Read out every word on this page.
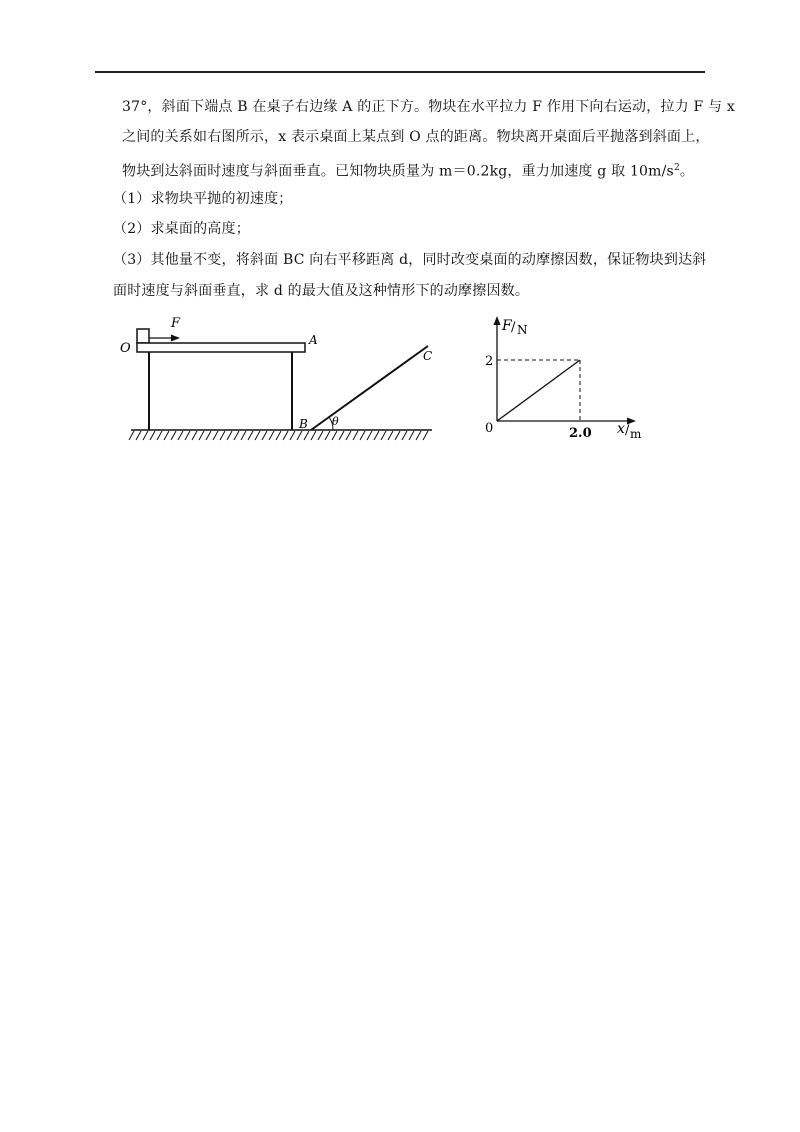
37°，斜面下端点 B 在桌子右边缘 A 的正下方。物块在水平拉力 F 作用下向右运动，拉力 F 与 x
之间的关系如右图所示，x 表示桌面上某点到 O 点的距离。物块离开桌面后平抛落到斜面上，
物块到达斜面时速度与斜面垂直。已知物块质量为 m＝0.2kg，重力加速度 g 取 $10m/s^2$。
（1）求物块平抛的初速度；
（2）求桌面的高度；
（3）其他量不变，将斜面 BC 向右平移距离 d，同时改变桌面的动摩擦因数，保证物块到达斜
面时速度与斜面垂直，求 d 的最大值及这种情形下的动摩擦因数。
O
F
A
B
C
θ
F / N
2
0	2.0 x / m
